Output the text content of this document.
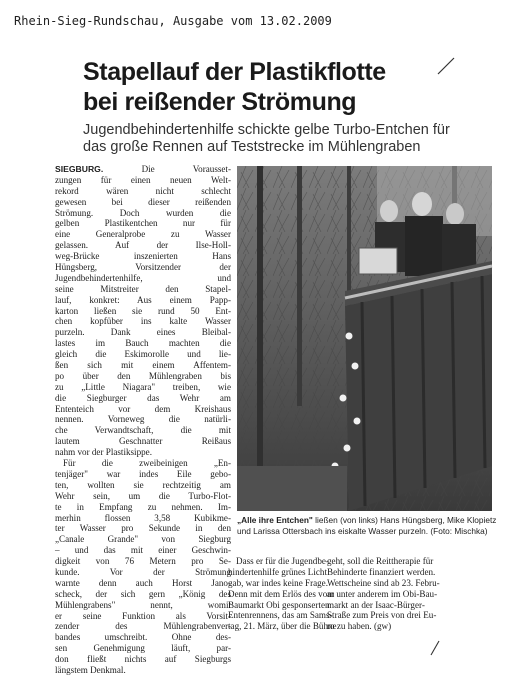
Rhein-Sieg-Rundschau, Ausgabe vom 13.02.2009
Stapellauf der Plastikflotte
bei reißender Strömung
Jugendbehindertenhilfe schickte gelbe Turbo-Entchen für
das große Rennen auf Teststrecke im Mühlengraben
SIEGBURG. Die Vorausset-
zungen für einen neuen Welt-
rekord wären nicht schlecht
gewesen bei dieser reißenden
Strömung. Doch wurden die
gelben Plastikentchen nur für
eine Generalprobe zu Wasser
gelassen. Auf der Ilse-Holl-
weg-Brücke inszenierten Hans
Hüngsberg, Vorsitzender der
Jugendbehindertenhilfe, und
seine Mitstreiter den Stapel-
lauf, konkret: Aus einem Papp-
karton ließen sie rund 50 Ent-
chen kopfüber ins kalte Wasser
purzeln. Dank eines Bleibal-
lastes im Bauch machten die
gleich die Eskimorolle und lie-
ßen sich mit einem Affentem-
po über den Mühlengraben bis
zu „Little Niagara" treiben, wie
die Siegburger das Wehr am
Ententeich vor dem Kreishaus
nennen. Vorneweg die natürli-
che Verwandtschaft, die mit
lautem Geschnatter Reißaus
nahm vor der Plastiksippe.
Für die zweibeinigen „En-
tenjäger" war indes Eile gebo-
ten, wollten sie rechtzeitig am
Wehr sein, um die Turbo-Flot-
te in Empfang zu nehmen. Im-
merhin flossen 3,58 Kubikme-
ter Wasser pro Sekunde in den
„Canale Grande" von Siegburg
– und das mit einer Geschwin-
digkeit von 76 Metern pro Se-
kunde. Vor der Strömung
warnte denn auch Horst Jano-
scheck, der sich gern „König des
Mühlengrabens" nennt, womit
er seine Funktion als Vorsit-
zender des Mühlengrabenver-
bandes umschreibt. Ohne des-
sen Genehmigung läuft, par-
don fließt nichts auf Siegburgs
längstem Denkmal.
„Alle ihre Entchen" ließen (von links) Hans Hüngsberg, Mike Klopietz
und Larissa Ottersbach ins eiskalte Wasser purzeln. (Foto: Mischka)
Dass er für die Jugendbe-
hindertenhilfe grünes Licht
gab, war indes keine Frage.
Denn mit dem Erlös des vom
Baumarkt Obi gesponserten
Entenrennens, das am Sams-
tag, 21. März, über die Bühne
geht, soll die Reittherapie für
Behinderte finanziert werden.
Wettscheine sind ab 23. Febru-
ar unter anderem im Obi-Bau-
markt an der Isaac-Bürger-
Straße zum Preis von drei Eu-
ro zu haben. (gw)
